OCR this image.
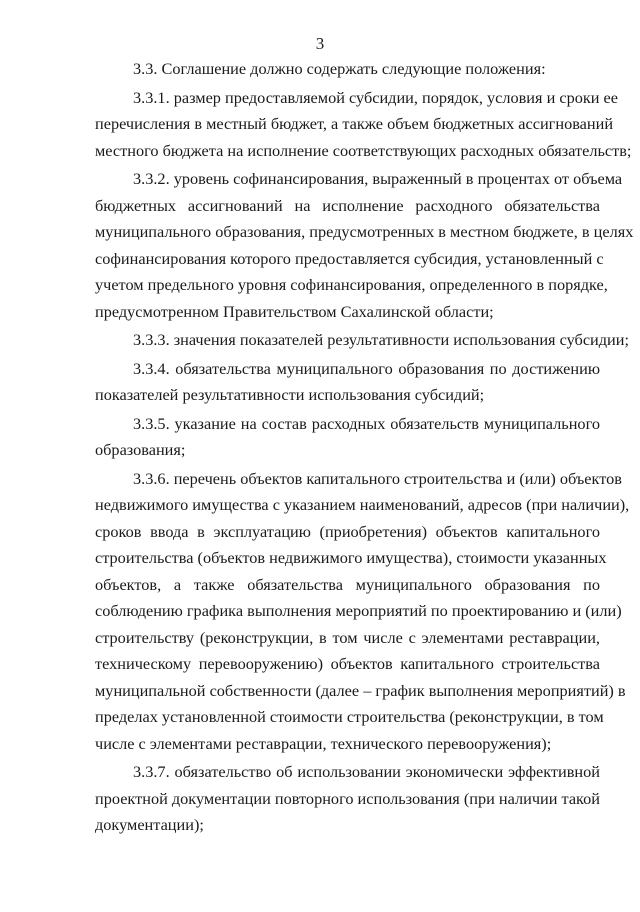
3
3.3. Соглашение должно содержать следующие положения:
3.3.1. размер предоставляемой субсидии, порядок, условия и сроки ее
перечисления в местный бюджет, а также объем бюджетных ассигнований
местного бюджета на исполнение соответствующих расходных обязательств;
3.3.2. уровень софинансирования, выраженный в процентах от объема
бюджетных ассигнований на исполнение расходного обязательства
муниципального образования, предусмотренных в местном бюджете, в целях
софинансирования которого предоставляется субсидия, установленный с
учетом предельного уровня софинансирования, определенного в порядке,
предусмотренном Правительством Сахалинской области;
3.3.3. значения показателей результативности использования субсидии;
3.3.4. обязательства муниципального образования по достижению
показателей результативности использования субсидий;
3.3.5. указание на состав расходных обязательств муниципального
образования;
3.3.6. перечень объектов капитального строительства и (или) объектов
недвижимого имущества с указанием наименований, адресов (при наличии),
сроков ввода в эксплуатацию (приобретения) объектов капитального
строительства (объектов недвижимого имущества), стоимости указанных
объектов, а также обязательства муниципального образования по
соблюдению графика выполнения мероприятий по проектированию и (или)
строительству (реконструкции, в том числе с элементами реставрации,
техническому перевооружению) объектов капитального строительства
муниципальной собственности (далее – график выполнения мероприятий) в
пределах установленной стоимости строительства (реконструкции, в том
числе с элементами реставрации, технического перевооружения);
3.3.7. обязательство об использовании экономически эффективной
проектной документации повторного использования (при наличии такой
документации);
